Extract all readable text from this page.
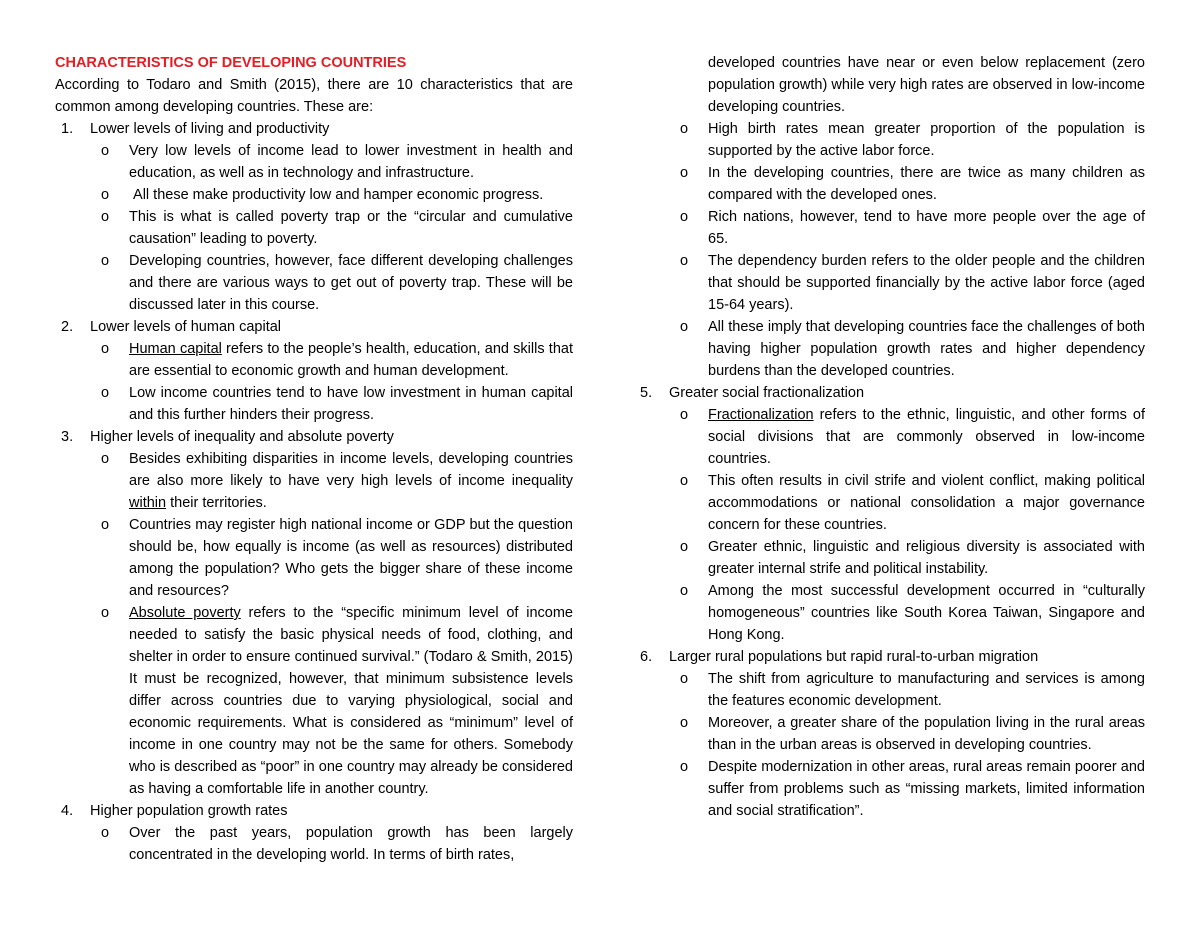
CHARACTERISTICS OF DEVELOPING COUNTRIES

According to Todaro and Smith (2015), there are 10 characteristics that are common among developing countries. These are:

1.	Lower levels of living and productivity
o	Very low levels of income lead to lower investment in health and education, as well as in technology and infrastructure.
o	All these make productivity low and hamper economic progress.
o	This is what is called poverty trap or the “circular and cumulative causation” leading to poverty.
o	Developing countries, however, face different developing challenges and there are various ways to get out of poverty trap. These will be discussed later in this course.
2.	Lower levels of human capital
o	Human capital refers to the people’s health, education, and skills that are essential to economic growth and human development.
o	Low income countries tend to have low investment in human capital and this further hinders their progress.
3.	Higher levels of inequality and absolute poverty
o	Besides exhibiting disparities in income levels, developing countries are also more likely to have very high levels of income inequality within their territories.
o	Countries may register high national income or GDP but the question should be, how equally is income (as well as resources) distributed among the population? Who gets the bigger share of these income and resources?
o	Absolute poverty refers to the “specific minimum level of income needed to satisfy the basic physical needs of food, clothing, and shelter in order to ensure continued survival.” (Todaro & Smith, 2015) It must be recognized, however, that minimum subsistence levels differ across countries due to varying physiological, social and economic requirements. What is considered as “minimum” level of income in one country may not be the same for others. Somebody who is described as “poor” in one country may already be considered as having a comfortable life in another country.
4.	Higher population growth rates
o	Over the past years, population growth has been largely concentrated in the developing world. In terms of birth rates,
developed countries have near or even below replacement (zero population growth) while very high rates are observed in low-income developing countries.
o	High birth rates mean greater proportion of the population is supported by the active labor force.
o	In the developing countries, there are twice as many children as compared with the developed ones.
o	Rich nations, however, tend to have more people over the age of 65.
o	The dependency burden refers to the older people and the children that should be supported financially by the active labor force (aged 15-64 years).
o	All these imply that developing countries face the challenges of both having higher population growth rates and higher dependency burdens than the developed countries.
5.	Greater social fractionalization
o	Fractionalization refers to the ethnic, linguistic, and other forms of social divisions that are commonly observed in low-income countries.
o	This often results in civil strife and violent conflict, making political accommodations or national consolidation a major governance concern for these countries.
o	Greater ethnic, linguistic and religious diversity is associated with greater internal strife and political instability.
o	Among the most successful development occurred in “culturally homogeneous” countries like South Korea Taiwan, Singapore and Hong Kong.
6.	Larger rural populations but rapid rural-to-urban migration
o	The shift from agriculture to manufacturing and services is among the features economic development.
o	Moreover, a greater share of the population living in the rural areas than in the urban areas is observed in developing countries.
o	Despite modernization in other areas, rural areas remain poorer and suffer from problems such as “missing markets, limited information and social stratification”.
